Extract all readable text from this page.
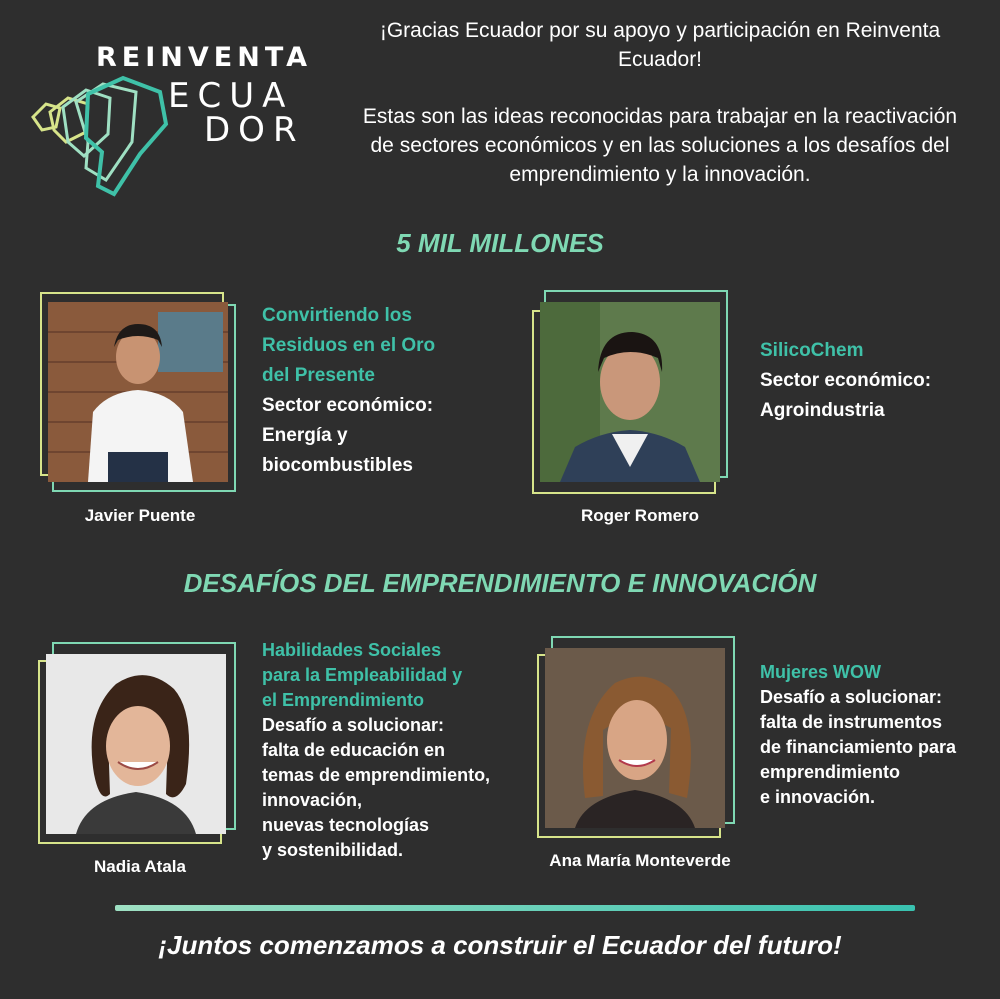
REINVENTA
ECUA
DOR
¡Gracias Ecuador por su apoyo y participación en Reinventa Ecuador!
Estas son las ideas reconocidas para trabajar en la reactivación de sectores económicos y en las soluciones a los desafíos del emprendimiento y la innovación.
5 MIL MILLONES
Javier Puente
Convirtiendo los
Residuos en el Oro
del Presente
Sector económico:
Energía y
biocombustibles
Roger Romero
SilicoChem
Sector económico:
Agroindustria
DESAFÍOS DEL EMPRENDIMIENTO E INNOVACIÓN
Nadia Atala
Habilidades Sociales
para la Empleabilidad y
el Emprendimiento
Desafío a solucionar:
falta de educación en
temas de emprendimiento,
innovación,
nuevas tecnologías
y sostenibilidad.
Ana María Monteverde
Mujeres WOW
Desafío a solucionar:
falta de instrumentos
de financiamiento para
emprendimiento
e innovación.
¡Juntos comenzamos a construir el Ecuador del futuro!
